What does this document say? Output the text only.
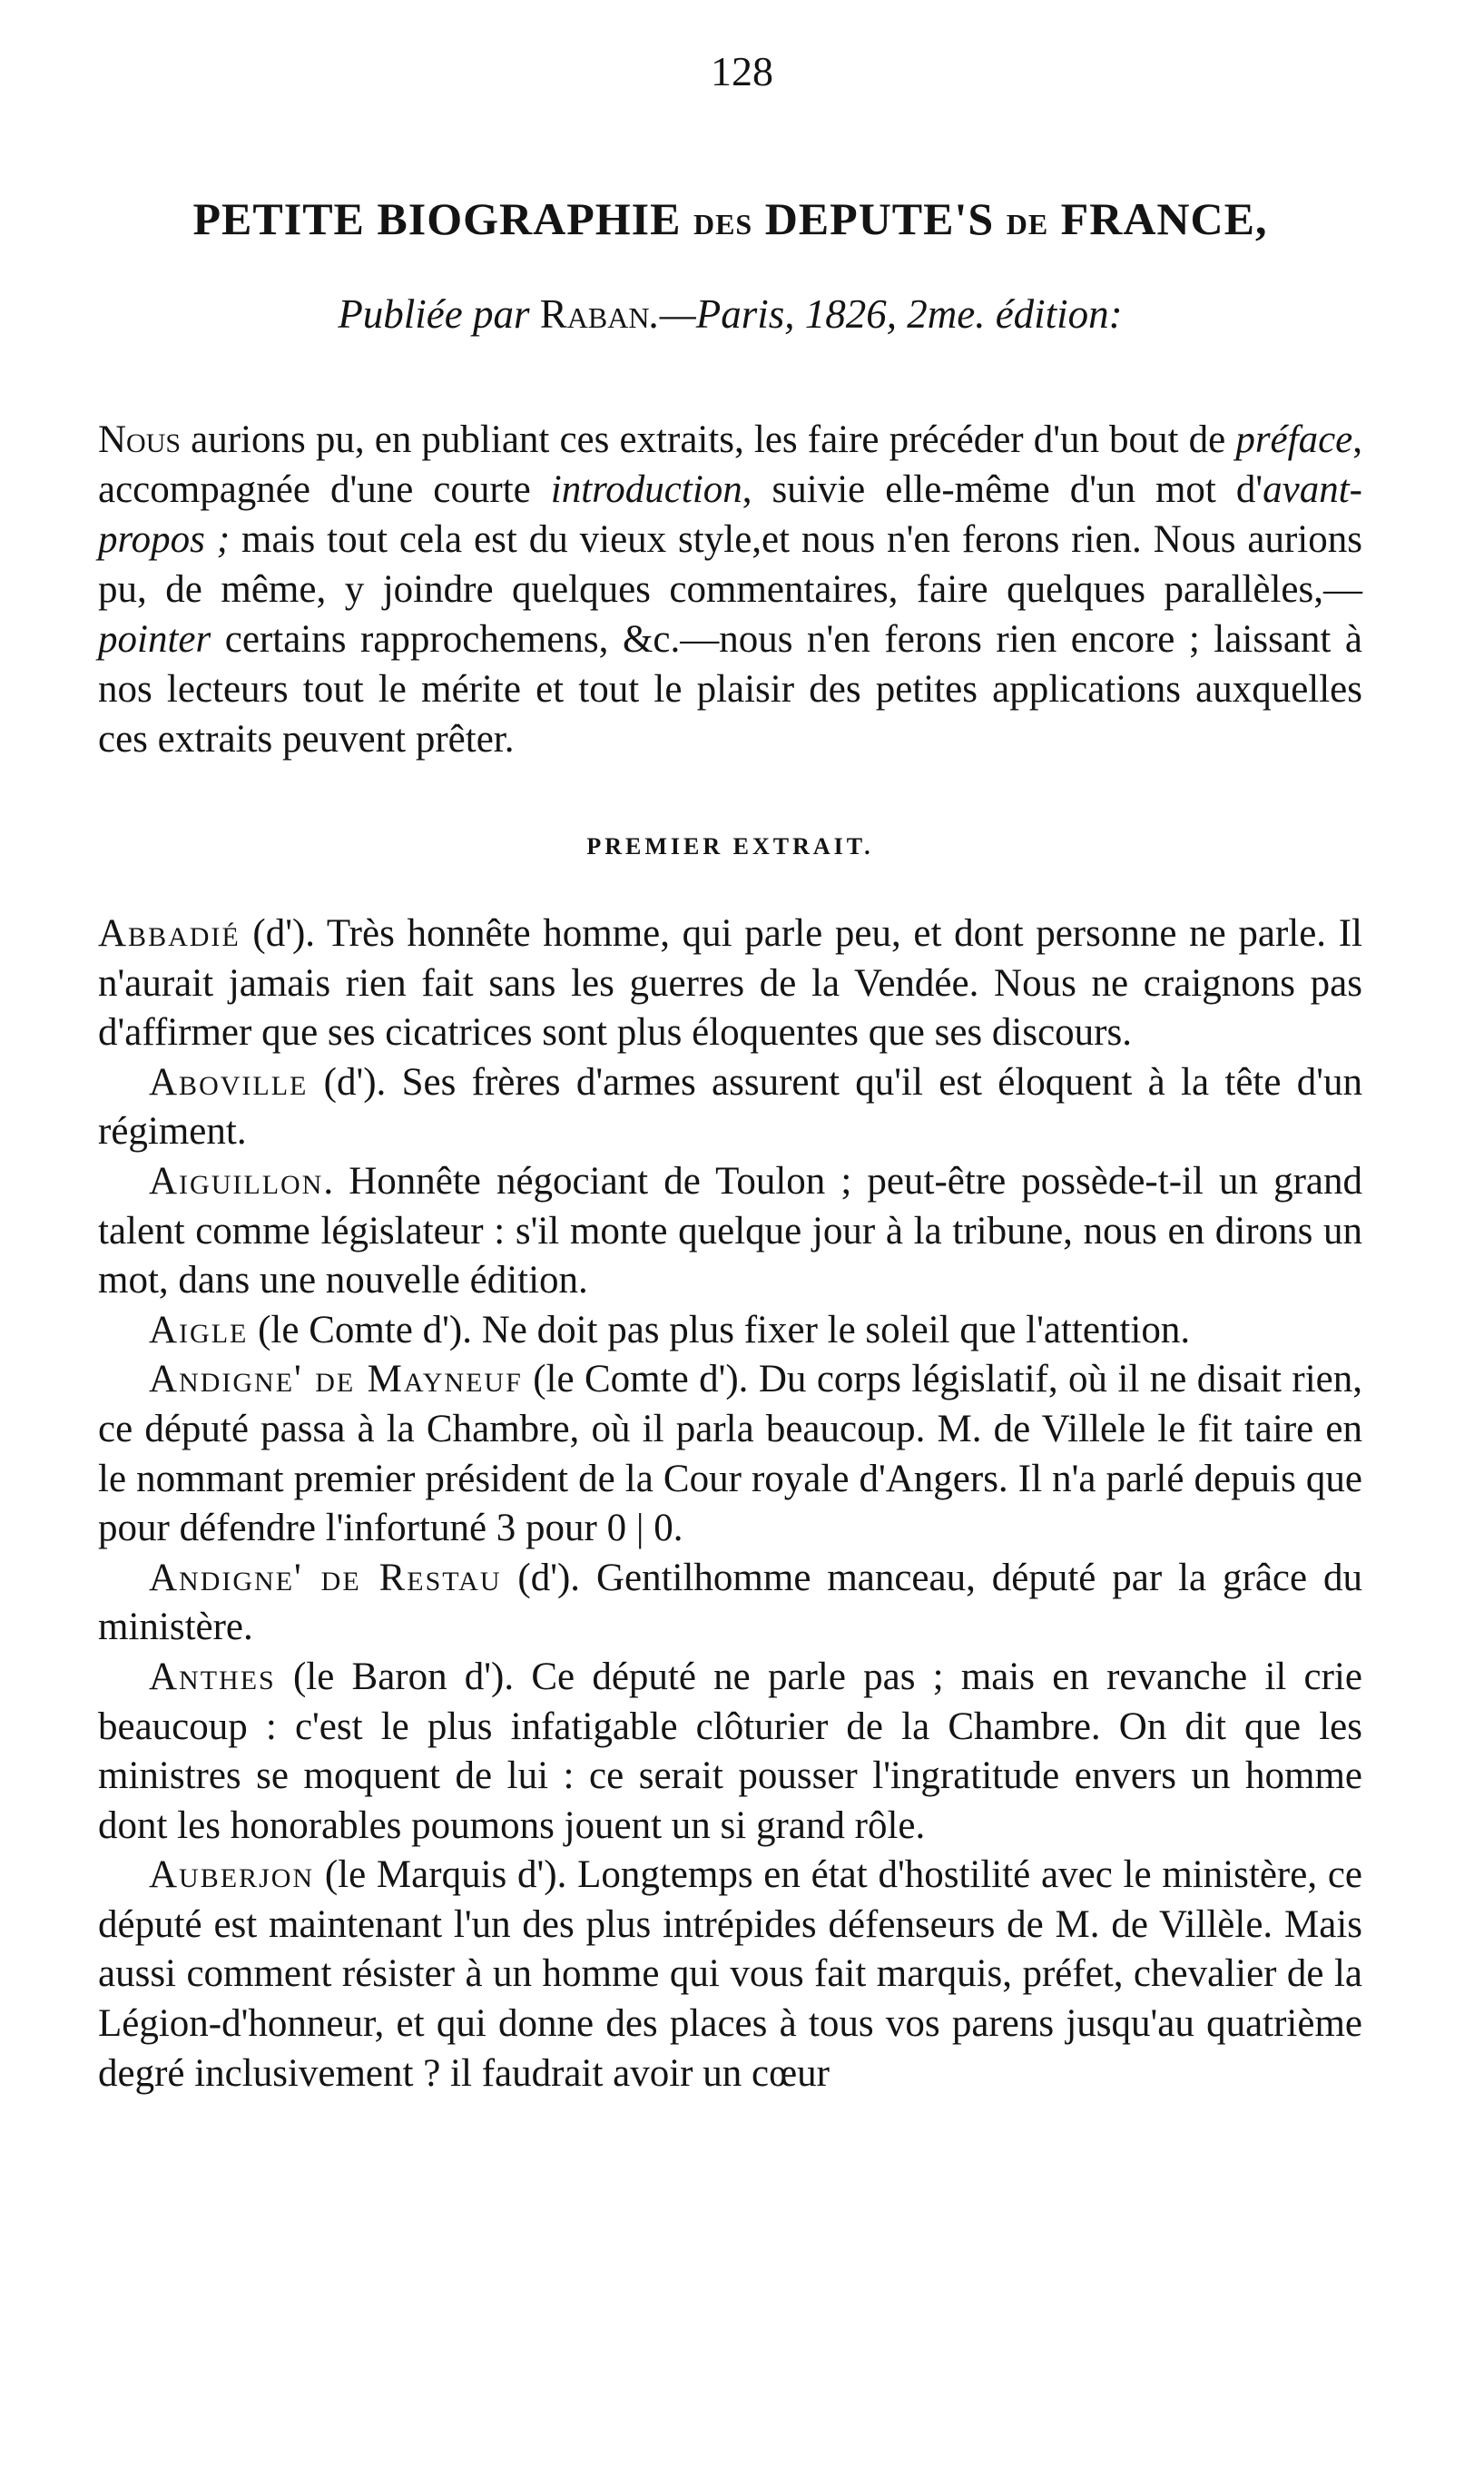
128
PETITE BIOGRAPHIE DES DEPUTE'S DE FRANCE,
Publiée par Raban.—Paris, 1826, 2me. édition:

Nous aurions pu, en publiant ces extraits, les faire précéder d'un bout de préface, accompagnée d'une courte introduction, suivie elle-même d'un mot d'avant-propos ; mais tout cela est du vieux style,et nous n'en ferons rien. Nous aurions pu, de même, y joindre quelques commentaires, faire quelques parallèles,—pointer certains rapprochemens, &c.—nous n'en ferons rien encore ; laissant à nos lecteurs tout le mérite et tout le plaisir des petites applications auxquelles ces extraits peuvent prêter.

PREMIER EXTRAIT.

Abbadié (d'). Très honnête homme, qui parle peu, et dont personne ne parle. Il n'aurait jamais rien fait sans les guerres de la Vendée. Nous ne craignons pas d'affirmer que ses cicatrices sont plus éloquentes que ses discours.

Aboville (d'). Ses frères d'armes assurent qu'il est éloquent à la tête d'un régiment.

Aiguillon. Honnête négociant de Toulon ; peut-être possède-t-il un grand talent comme législateur : s'il monte quelque jour à la tribune, nous en dirons un mot, dans une nouvelle édition.

Aigle (le Comte d'). Ne doit pas plus fixer le soleil que l'attention.

Andigne' de Mayneuf (le Comte d'). Du corps législatif, où il ne disait rien, ce député passa à la Chambre, où il parla beaucoup. M. de Villele le fit taire en le nommant premier président de la Cour royale d'Angers. Il n'a parlé depuis que pour défendre l'infortuné 3 pour 0 | 0.

Andigne' de Restau (d'). Gentilhomme manceau, député par la grâce du ministère.

Anthes (le Baron d'). Ce député ne parle pas ; mais en revanche il crie beaucoup : c'est le plus infatigable clôturier de la Chambre. On dit que les ministres se moquent de lui : ce serait pousser l'ingratitude envers un homme dont les honorables poumons jouent un si grand rôle.

Auberjon (le Marquis d'). Longtemps en état d'hostilité avec le ministère, ce député est maintenant l'un des plus intrépides défenseurs de M. de Villèle. Mais aussi comment résister à un homme qui vous fait marquis, préfet, chevalier de la Légion-d'honneur, et qui donne des places à tous vos parens jusqu'au quatrième degré inclusivement ? il faudrait avoir un cœur
